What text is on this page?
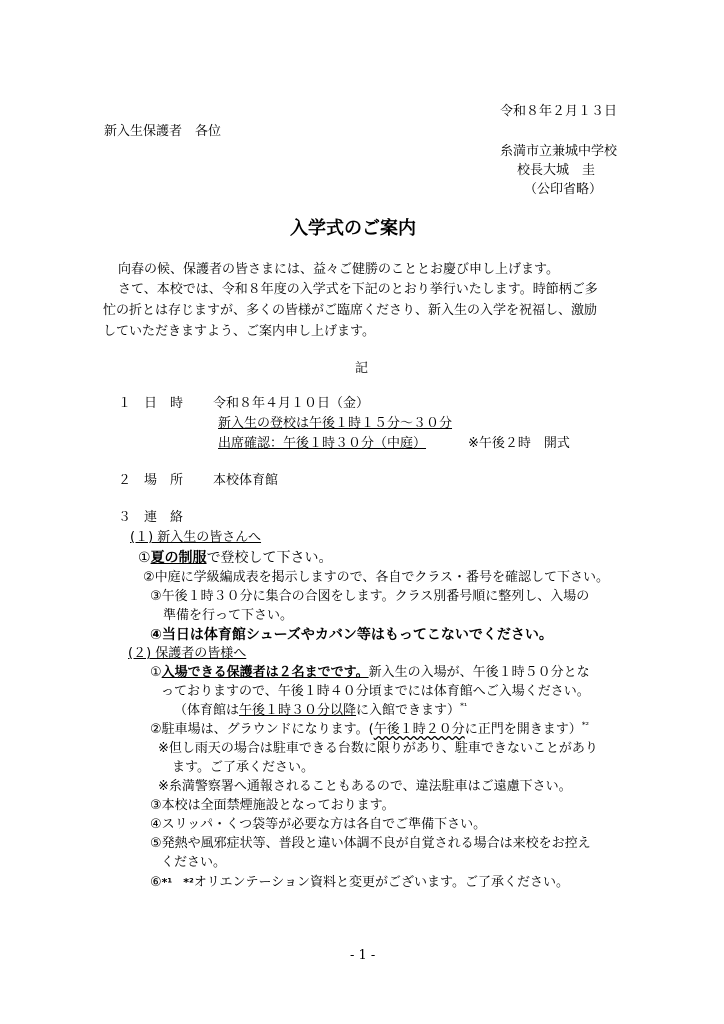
令和８年２月１３日
新入生保護者　各位
糸満市立兼城中学校
校長大城　圭
（公印省略）
入学式のご案内
向春の候、保護者の皆さまには、益々ご健勝のこととお慶び申し上げます。
さて、本校では、令和８年度の入学式を下記のとおり挙行いたします。時節柄ご多
忙の折とは存じますが、多くの皆様がご臨席くださり、新入生の入学を祝福し、激励
していただきますよう、ご案内申し上げます。
記
１　日　時 令和８年４月１０日（金）
新入生の登校は午後１時１５分～３０分
出席確認：午後１時３０分（中庭）	※午後２時　開式
２　場　所 本校体育館
３　連　絡
(１) 新入生の皆さんへ
①夏の制服で登校して下さい。
②中庭に学級編成表を掲示しますので、各自でクラス・番号を確認して下さい。
③午後１時３０分に集合の合図をします。クラス別番号順に整列し、入場の
準備を行って下さい。
④当日は体育館シューズやカバン等はもってこないでください。
(２) 保護者の皆様へ
①入場できる保護者は２名までです。新入生の入場が、午後１時５０分とな
っておりますので、午後１時４０分頃までには体育館へご入場ください。
（体育館は午後１時３０分以降に入館できます）$^{*^1}$
②駐車場は、グラウンドになります。(午後１時２０分に正門を開きます）$^{*^2}$
※但し雨天の場合は駐車できる台数に限りがあり、駐車できないことがあり
ます。ご了承ください。
※糸満警察署へ通報されることもあるので、違法駐車はご遠慮下さい。
③本校は全面禁煙施設となっております。
④スリッパ・くつ袋等が必要な方は各自でご準備下さい。
⑤発熱や風邪症状等、普段と違い体調不良が自覚される場合は来校をお控え
ください。
⑥*¹　*²オリエンテーション資料と変更がございます。ご了承ください。
- 1 -
